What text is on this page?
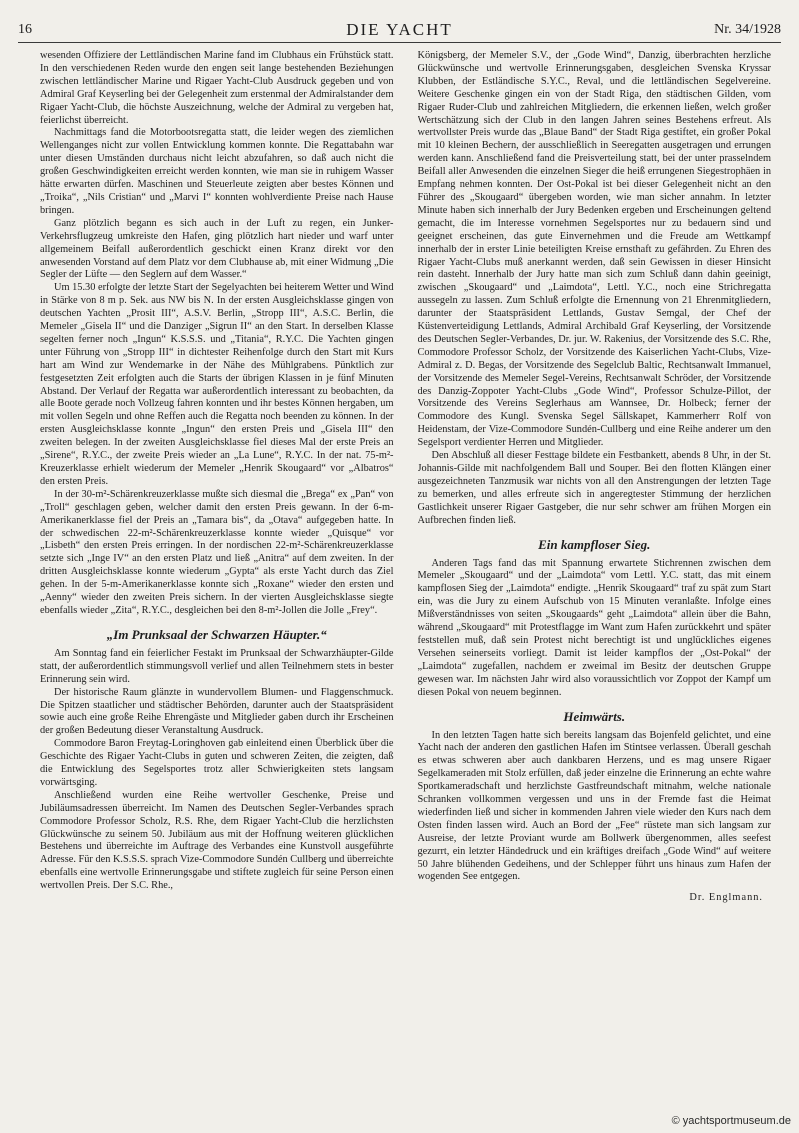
16	DIE YACHT	Nr. 34/1928

wesenden Offiziere der Lettländischen Marine fand im Clubhaus ein Frühstück statt. In den verschiedenen Reden wurde den engen seit lange bestehenden Beziehungen zwischen lettländischer Marine und Rigaer Yacht-Club Ausdruck gegeben und von Admiral Graf Keyserling bei der Gelegenheit zum erstenmal der Admiralstander dem Rigaer Yacht-Club, die höchste Auszeichnung, welche der Admiral zu vergeben hat, feierlichst überreicht.

Nachmittags fand die Motorbootsregatta statt, die leider wegen des ziemlichen Wellenganges nicht zur vollen Entwicklung kommen konnte. Die Regattabahn war unter diesen Umständen durchaus nicht leicht abzufahren, so daß auch nicht die großen Geschwindigkeiten erreicht werden konnten, wie man sie in ruhigem Wasser hätte erwarten dürfen. Maschinen und Steuerleute zeigten aber bestes Können und „Troika“, „Nils Cristian“ und „Marvi I“ konnten wohlverdiente Preise nach Hause bringen.

Ganz plötzlich begann es sich auch in der Luft zu regen, ein Junker-Verkehrsflugzeug umkreiste den Hafen, ging plötzlich hart nieder und warf unter allgemeinem Beifall außerordentlich geschickt einen Kranz direkt vor den anwesenden Vorstand auf dem Platz vor dem Clubhause ab, mit einer Widmung „Die Segler der Lüfte — den Seglern auf dem Wasser.“

Um 15.30 erfolgte der letzte Start der Segelyachten bei heiterem Wetter und Wind in Stärke von 8 m p. Sek. aus NW bis N. In der ersten Ausgleichsklasse gingen von deutschen Yachten „Prosit III“, A.S.V. Berlin, „Stropp III“, A.S.C. Berlin, die Memeler „Gisela II“ und die Danziger „Sigrun II“ an den Start. In derselben Klasse segelten ferner noch „Ingun“ K.S.S.S. und „Titania“, R.Y.C. Die Yachten gingen unter Führung von „Stropp III“ in dichtester Reihenfolge durch den Start mit Kurs hart am Wind zur Wendemarke in der Nähe des Mühlgrabens. Pünktlich zur festgesetzten Zeit erfolgten auch die Starts der übrigen Klassen in je fünf Minuten Abstand. Der Verlauf der Regatta war außerordentlich interessant zu beobachten, da alle Boote gerade noch Vollzeug fahren konnten und ihr bestes Können hergaben, um mit vollen Segeln und ohne Reffen auch die Regatta noch beenden zu können. In der ersten Ausgleichsklasse konnte „Ingun“ den ersten Preis und „Gisela III“ den zweiten belegen. In der zweiten Ausgleichsklasse fiel dieses Mal der erste Preis an „Sirene“, R.Y.C., der zweite Preis wieder an „La Lune“, R.Y.C. In der nat. 75-m²-Kreuzerklasse erhielt wiederum der Memeler „Henrik Skougaard“ vor „Albatros“ den ersten Preis.

In der 30-m²-Schärenkreuzerklasse mußte sich diesmal die „Brega“ ex „Pan“ von „Troll“ geschlagen geben, welcher damit den ersten Preis gewann. In der 6-m-Amerikanerklasse fiel der Preis an „Tamara bis“, da „Otava“ aufgegeben hatte. In der schwedischen 22-m²-Schärenkreuzerklasse konnte wieder „Quisque“ vor „Lisbeth“ den ersten Preis erringen. In der nordischen 22-m²-Schärenkreuzerklasse setzte sich „Inge IV“ an den ersten Platz und ließ „Anitra“ auf dem zweiten. In der dritten Ausgleichsklasse konnte wiederum „Gypta“ als erste Yacht durch das Ziel gehen. In der 5-m-Amerikanerklasse konnte sich „Roxane“ wieder den ersten und „Aenny“ wieder den zweiten Preis sichern. In der vierten Ausgleichsklasse siegte ebenfalls wieder „Zita“, R.Y.C., desgleichen bei den 8-m²-Jollen die Jolle „Frey“.

„Im Prunksaal der Schwarzen Häupter.“

Am Sonntag fand ein feierlicher Festakt im Prunksaal der Schwarzhäupter-Gilde statt, der außerordentlich stimmungsvoll verlief und allen Teilnehmern stets in bester Erinnerung sein wird.

Der historische Raum glänzte in wundervollem Blumen- und Flaggenschmuck. Die Spitzen staatlicher und städtischer Behörden, darunter auch der Staatspräsident sowie auch eine große Reihe Ehrengäste und Mitglieder gaben durch ihr Erscheinen der großen Bedeutung dieser Veranstaltung Ausdruck.

Commodore Baron Freytag-Loringhoven gab einleitend einen Überblick über die Geschichte des Rigaer Yacht-Clubs in guten und schweren Zeiten, die zeigten, daß die Entwicklung des Segelsportes trotz aller Schwierigkeiten stets langsam vorwärtsging.

Anschließend wurden eine Reihe wertvoller Geschenke, Preise und Jubiläumsadressen überreicht. Im Namen des Deutschen Segler-Verbandes sprach Commodore Professor Scholz, R.S. Rhe, dem Rigaer Yacht-Club die herzlichsten Glückwünsche zu seinem 50. Jubiläum aus mit der Hoffnung weiteren glücklichen Bestehens und überreichte im Auftrage des Verbandes eine Kunstvoll ausgeführte Adresse. Für den K.S.S.S. sprach Vize-Commodore Sundén Cullberg und überreichte ebenfalls eine wertvolle Erinnerungsgabe und stiftete zugleich für seine Person einen wertvollen Preis. Der S.C. Rhe.,

Königsberg, der Memeler S.V., der „Gode Wind“, Danzig, überbrachten herzliche Glückwünsche und wertvolle Erinnerungsgaben, desgleichen Svenska Kryssar Klubben, der Estländische S.Y.C., Reval, und die lettländischen Segelvereine. Weitere Geschenke gingen ein von der Stadt Riga, den städtischen Gilden, vom Rigaer Ruder-Club und zahlreichen Mitgliedern, die erkennen ließen, welch großer Wertschätzung sich der Club in den langen Jahren seines Bestehens erfreut. Als wertvollster Preis wurde das „Blaue Band“ der Stadt Riga gestiftet, ein großer Pokal mit 10 kleinen Bechern, der ausschließlich in Seeregatten ausgetragen und errungen werden kann. Anschließend fand die Preisverteilung statt, bei der unter prasselndem Beifall aller Anwesenden die einzelnen Sieger die heiß errungenen Siegestrophäen in Empfang nehmen konnten. Der Ost-Pokal ist bei dieser Gelegenheit nicht an den Führer des „Skougaard“ übergeben worden, wie man sicher annahm. In letzter Minute haben sich innerhalb der Jury Bedenken ergeben und Erscheinungen geltend gemacht, die im Interesse vornehmen Segelsportes nur zu bedauern sind und geeignet erscheinen, das gute Einvernehmen und die Freude am Wettkampf innerhalb der in erster Linie beteiligten Kreise ernsthaft zu gefährden. Zu Ehren des Rigaer Yacht-Clubs muß anerkannt werden, daß sein Gewissen in dieser Hinsicht rein dasteht. Innerhalb der Jury hatte man sich zum Schluß dann dahin geeinigt, zwischen „Skougaard“ und „Laimdota“, Lettl. Y.C., noch eine Strichregatta aussegeln zu lassen. Zum Schluß erfolgte die Ernennung von 21 Ehrenmitgliedern, darunter der Staatspräsident Lettlands, Gustav Semgal, der Chef der Küstenverteidigung Lettlands, Admiral Archibald Graf Keyserling, der Vorsitzende des Deutschen Segler-Verbandes, Dr. jur. W. Rakenius, der Vorsitzende des S.C. Rhe, Commodore Professor Scholz, der Vorsitzende des Kaiserlichen Yacht-Clubs, Vize-Admiral z. D. Begas, der Vorsitzende des Segelclub Baltic, Rechtsanwalt Immanuel, der Vorsitzende des Memeler Segel-Vereins, Rechtsanwalt Schröder, der Vorsitzende des Danzig-Zoppoter Yacht-Clubs „Gode Wind“, Professor Schulze-Pillot, der Vorsitzende des Vereins Seglerhaus am Wannsee, Dr. Holbeck; ferner der Commodore des Kungl. Svenska Segel Sällskapet, Kammerherr Rolf von Heidenstam, der Vize-Commodore Sundén-Cullberg und eine Reihe anderer um den Segelsport verdienter Herren und Mitglieder.

Den Abschluß all dieser Festtage bildete ein Festbankett, abends 8 Uhr, in der St. Johannis-Gilde mit nachfolgendem Ball und Souper. Bei den flotten Klängen einer ausgezeichneten Tanzmusik war nichts von all den Anstrengungen der letzten Tage zu bemerken, und alles erfreute sich in angeregtester Stimmung der herzlichen Gastlichkeit unserer Rigaer Gastgeber, die nur sehr schwer am frühen Morgen ein Aufbrechen finden ließ.

Ein kampfloser Sieg.

Anderen Tags fand das mit Spannung erwartete Stichrennen zwischen dem Memeler „Skougaard“ und der „Laimdota“ vom Lettl. Y.C. statt, das mit einem kampflosen Sieg der „Laimdota“ endigte. „Henrik Skougaard“ traf zu spät zum Start ein, was die Jury zu einem Aufschub von 15 Minuten veranlaßte. Infolge eines Mißverständnisses von seiten „Skougaards“ geht „Laimdota“ allein über die Bahn, während „Skougaard“ mit Protestflagge im Want zum Hafen zurückkehrt und später feststellen muß, daß sein Protest nicht berechtigt ist und unglückliches eigenes Versehen seinerseits vorliegt. Damit ist leider kampflos der „Ost-Pokal“ der „Laimdota“ zugefallen, nachdem er zweimal im Besitz der deutschen Gruppe gewesen war. Im nächsten Jahr wird also voraussichtlich vor Zoppot der Kampf um diesen Pokal von neuem beginnen.

Heimwärts.

In den letzten Tagen hatte sich bereits langsam das Bojenfeld gelichtet, und eine Yacht nach der anderen den gastlichen Hafen im Stintsee verlassen. Überall geschah es etwas schweren aber auch dankbaren Herzens, und es mag unsere Rigaer Segelkameraden mit Stolz erfüllen, daß jeder einzelne die Erinnerung an echte wahre Sportkameradschaft und herzlichste Gastfreundschaft mitnahm, welche nationale Schranken vollkommen vergessen und uns in der Fremde fast die Heimat wiederfinden ließ und sicher in kommenden Jahren viele wieder den Kurs nach dem Osten finden lassen wird. Auch an Bord der „Fee“ rüstete man sich langsam zur Ausreise, der letzte Proviant wurde am Bollwerk übergenommen, alles seefest gezurrt, ein letzter Händedruck und ein kräftiges dreifach „Gode Wind“ auf weitere 50 Jahre blühenden Gedeihens, und der Schlepper führt uns hinaus zum Hafen der wogenden See entgegen.

Dr. Englmann.
© yachtsportmuseum.de
